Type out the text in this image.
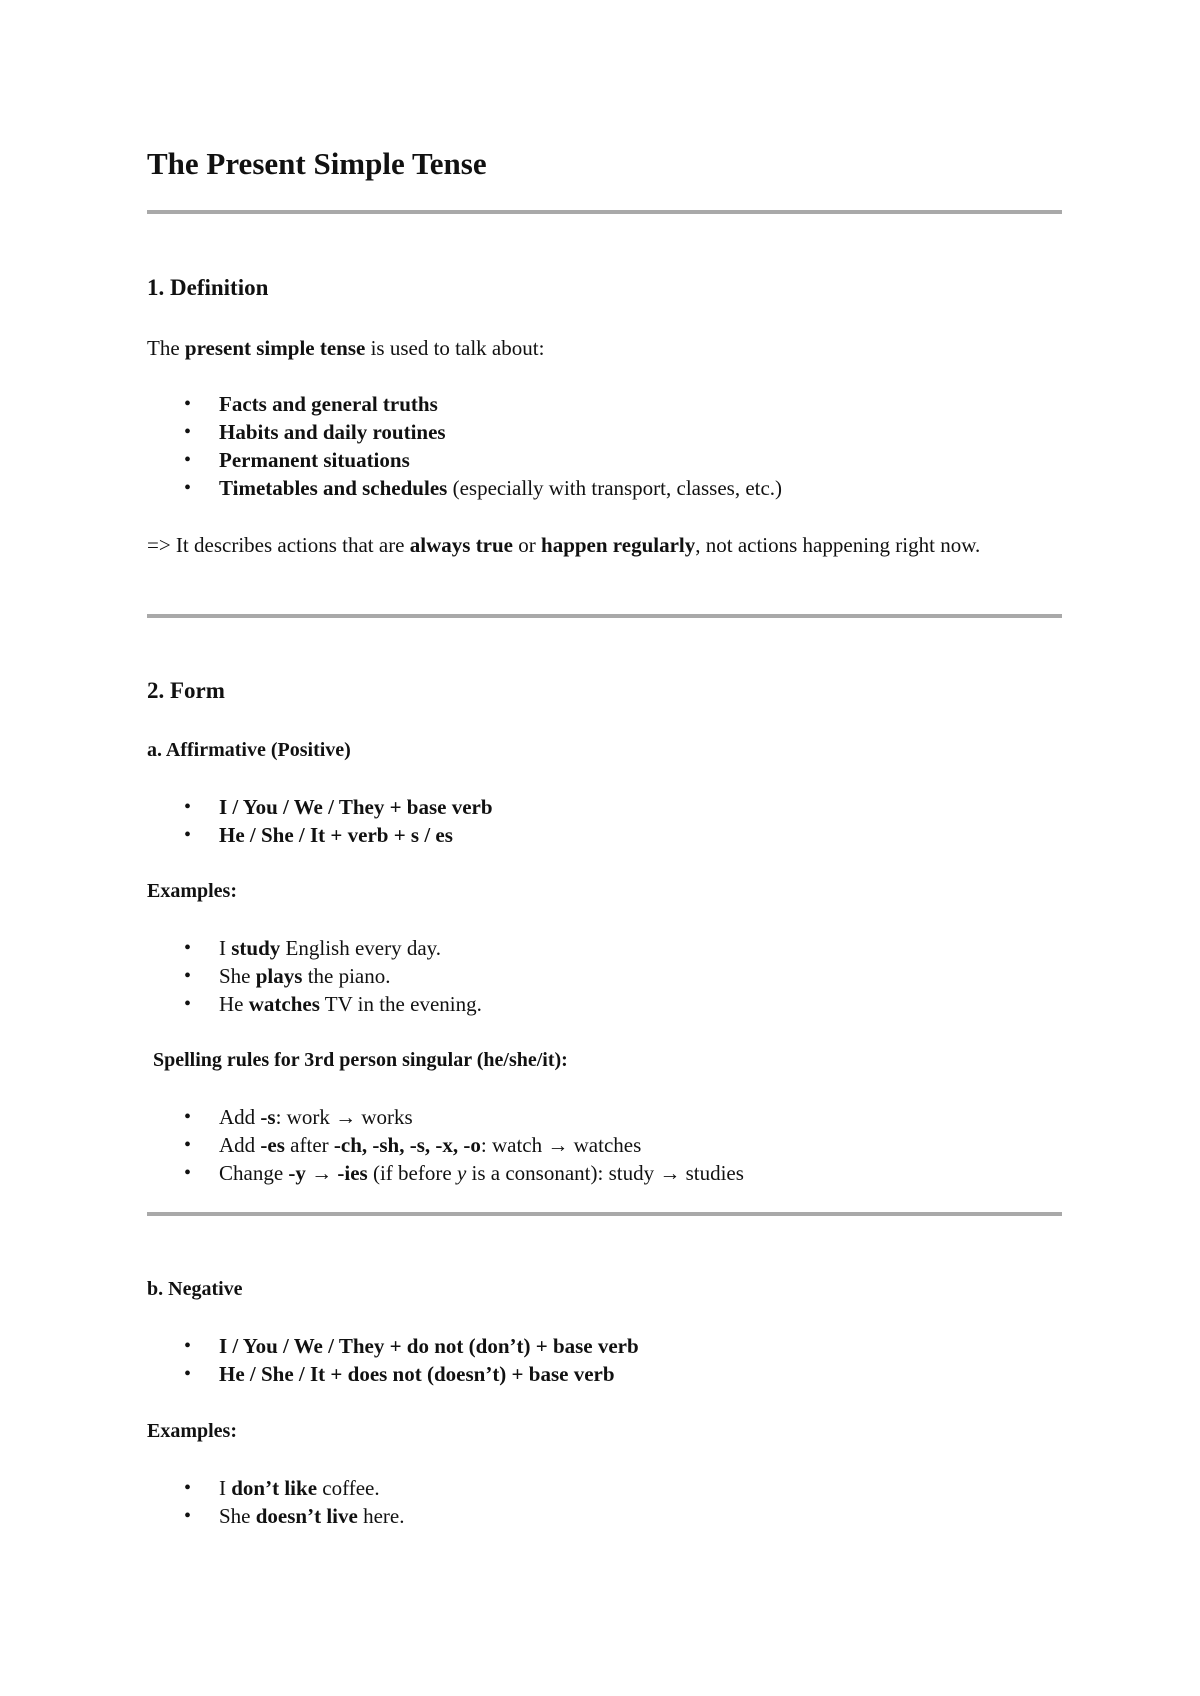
The Present Simple Tense
1. Definition

The present simple tense is used to talk about:

• Facts and general truths
• Habits and daily routines
• Permanent situations
• Timetables and schedules (especially with transport, classes, etc.)

=> It describes actions that are always true or happen regularly, not actions happening right now.

2. Form
a. Affirmative (Positive)
• I / You / We / They + base verb
• He / She / It + verb + s / es
Examples:
• I study English every day.
• She plays the piano.
• He watches TV in the evening.
Spelling rules for 3rd person singular (he/she/it):
• Add -s: work → works
• Add -es after -ch, -sh, -s, -x, -o: watch → watches
• Change -y → -ies (if before y is a consonant): study → studies
b. Negative
• I / You / We / They + do not (don’t) + base verb
• He / She / It + does not (doesn’t) + base verb
Examples:
• I don’t like coffee.
• She doesn’t live here.
